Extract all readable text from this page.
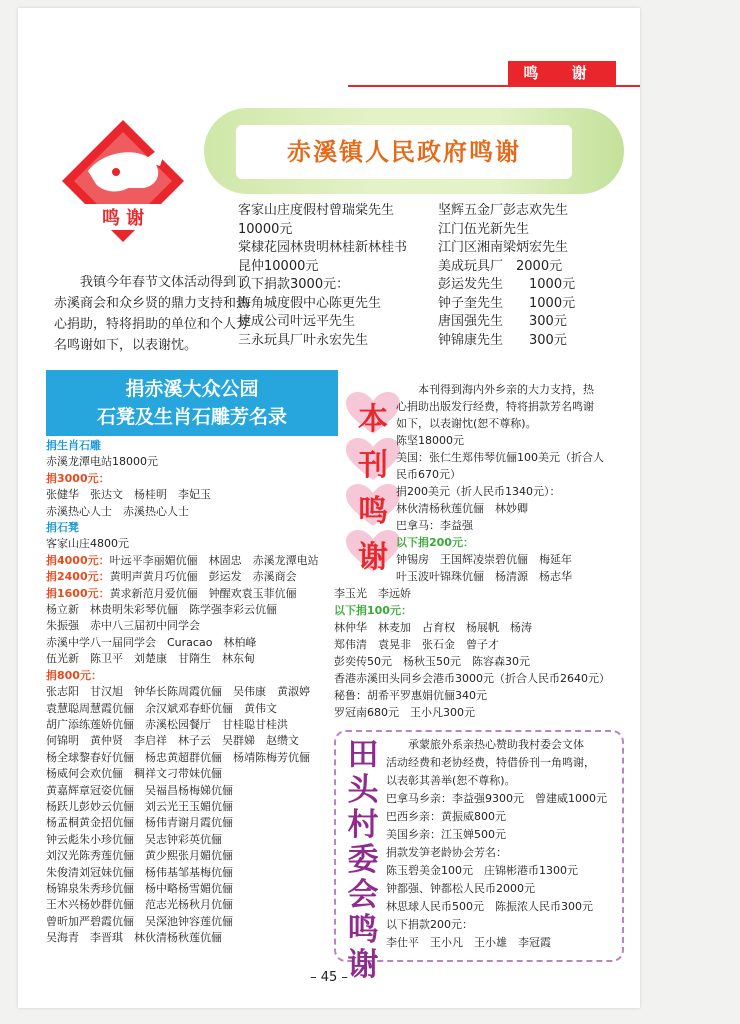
鸣 谢
鸣 谢
赤溪镇人民政府鸣谢
我镇今年春节文体活动得到了赤溪商会和众乡贤的鼎力支持和热心捐助，特将捐助的单位和个人芳名鸣谢如下，以表谢忱。
客家山庄度假村曾瑞棠先生
10000元
棠棣花园林贵明林桂新林桂书
昆仲10000元
以下捐款3000元：
海角城度假中心陈更先生
捷成公司叶远平先生
三永玩具厂叶永宏先生
坚辉五金厂彭志欢先生
江门伍光新先生
江门区湘南梁炳宏先生
美成玩具厂　2000元
彭运发先生　　1000元
钟子奎先生　　1000元
唐国强先生　　300元
钟锦康先生　　300元
捐赤溪大众公园
石凳及生肖石雕芳名录
捐生肖石雕
赤溪龙潭电站18000元
捐3000元：
张健华　张达文　杨桂明　李妃玉
赤溪热心人士　赤溪热心人士
捐石凳
客家山庄4800元
捐4000元：叶远平李丽媚伉俪　林固忠　赤溪龙潭电站
捐2400元：黄明声黄月巧伉俪　彭运发　赤溪商会
捐1600元：黄求新范月爱伉俪　钟醒欢袁玉菲伉俪
杨立新　林贵明朱彩琴伉俪　陈学强李彩云伉俪
朱振强　赤中八三届初中同学会
赤溪中学八一届同学会　Curacao　林柏峰
伍光新　陈卫平　刘楚康　甘隋生　林东甸
捐800元：
张志阳　甘汉旭　钟华长陈周霞伉俪　吴伟康　黄淑婷
袁慧聪周慧霞伉俪　余汉斌邓春虾伉俪　黄伟文
胡广添练莲娇伉俪　赤溪松园餐厅　甘桂聪甘桂洪
何锦明　黄仲贤　李启祥　林子云　吴群娣　赵缵文
杨全球黎春好伉俪　杨忠黄超群伉俪　杨靖陈梅芳伉俪
杨威何会欢伉俪　稠祥文刁带妹伉俪
黄嘉辉章冠姿伉俪　吴福昌杨梅娣伉俪
杨跃儿彭妙云伉俪　刘云光王玉媚伉俪
杨孟桐黄金招伉俪　杨伟青谢月霞伉俪
钟云彪朱小珍伉俪　吴志钟彩英伉俪
刘汉光陈秀莲伉俪　黄少熙张月媚伉俪
朱俊清刘冠妹伉俪　杨伟基邹基梅伉俪
杨锦泉朱秀珍伉俪　杨中略杨雪媚伉俪
王木兴杨妙群伉俪　范志光杨秋月伉俪
曾昕加严碧霞伉俪　吴深池钟容莲伉俪
吴海青　李晋琪　林伙清杨秋莲伉俪
本
刊
鸣
谢
　　本刊得到海内外乡亲的大力支持，热
心捐助出版发行经费，特将捐款芳名鸣谢
如下，以表谢忱(恕不尊称)。
陈坚18000元
美国：张仁生郑伟琴伉俪100美元（折合人
民币670元）
捐200美元（折人民币1340元）：
林伙清杨秋莲伉俪　林妙卿
巴拿马：李益强
以下捐200元：
钟锡房　王国辉凌崇碧伉俪　梅延年
叶玉波叶锦珠伉俪　杨清源　杨志华
李玉光　李远娇
以下捐100元：
林仲华　林麦加　占育权　杨展帆　杨涛
郑伟清　袁晃非　张石金　曾子才
彭奕传50元　杨秋玉50元　陈容森30元
香港赤溪田头同乡会港币3000元（折合人民币2640元）
秘鲁：胡希平罗惠娟伉俪340元
罗冠南680元　王小凡300元
田
头
村
委
会
鸣
谢
　　承蒙旅外系亲热心赞助我村委会文体
活动经费和老协经费，特借侨刊一角鸣谢，
以表彰其善举(恕不尊称)。
巴拿马乡亲：李益强9300元　曾建威1000元
巴西乡亲：黄振威800元
美国乡亲：江玉婵500元
捐款发笋老龄协会芳名：
陈玉碧美金100元　庄锦彬港币1300元
钟都强、钟都松人民币2000元
林思球人民币500元　陈振浓人民币300元
以下捐款200元：
李仕平　王小凡　王小雄　李冠霞
– 45 –
